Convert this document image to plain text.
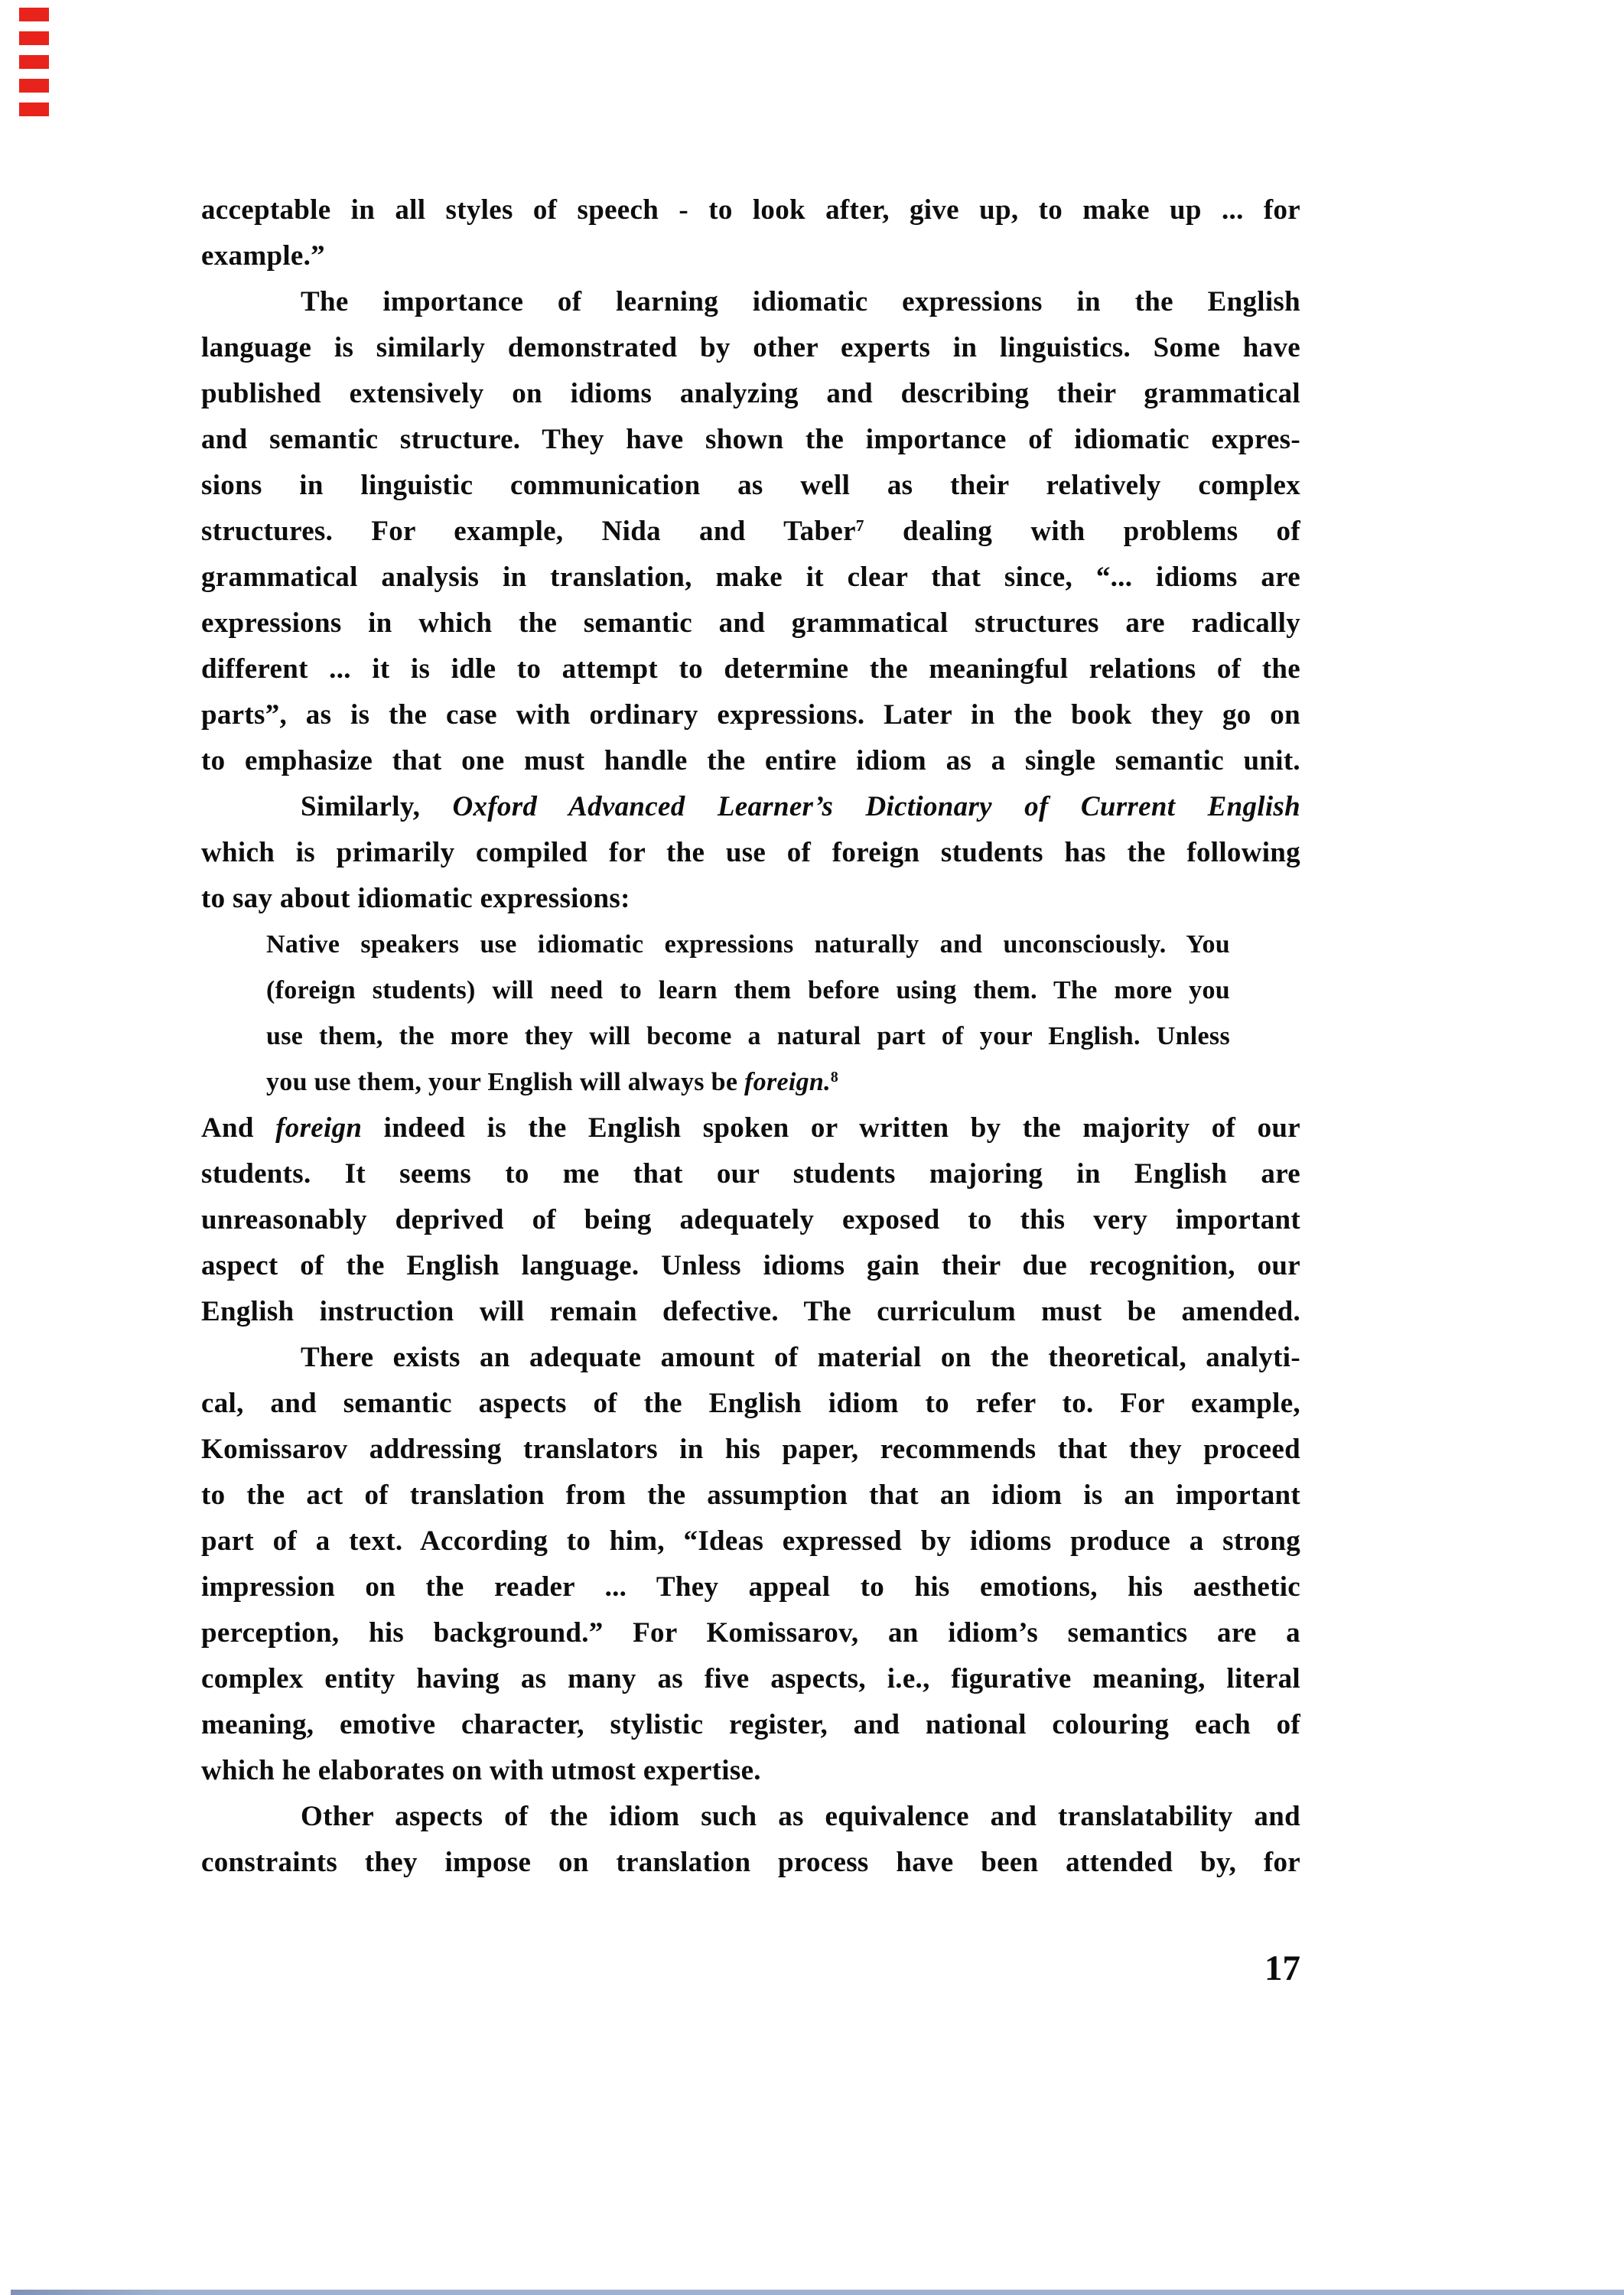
acceptable in all styles of speech - to look after, give up, to make up ... for
example.”
The importance of learning idiomatic expressions in the English
language is similarly demonstrated by other experts in linguistics. Some have
published extensively on idioms analyzing and describing their grammatical
and semantic structure. They have shown the importance of idiomatic expres-
sions in linguistic communication as well as their relatively complex
structures. For example, Nida and Taber$^7$ dealing with problems of
grammatical analysis in translation, make it clear that since, “... idioms are
expressions in which the semantic and grammatical structures are radically
different ... it is idle to attempt to determine the meaningful relations of the
parts”, as is the case with ordinary expressions. Later in the book they go on
to emphasize that one must handle the entire idiom as a single semantic unit.
Similarly, Oxford Advanced Learner’s Dictionary of Current English
which is primarily compiled for the use of foreign students has the following
to say about idiomatic expressions:
Native speakers use idiomatic expressions naturally and unconsciously. You
(foreign students) will need to learn them before using them. The more you
use them, the more they will become a natural part of your English. Unless
you use them, your English will always be foreign.$^8$
And foreign indeed is the English spoken or written by the majority of our
students. It seems to me that our students majoring in English are
unreasonably deprived of being adequately exposed to this very important
aspect of the English language. Unless idioms gain their due recognition, our
English instruction will remain defective. The curriculum must be amended.
There exists an adequate amount of material on the theoretical, analyti-
cal, and semantic aspects of the English idiom to refer to. For example,
Komissarov addressing translators in his paper, recommends that they proceed
to the act of translation from the assumption that an idiom is an important
part of a text. According to him, “Ideas expressed by idioms produce a strong
impression on the reader ... They appeal to his emotions, his aesthetic
perception, his background.” For Komissarov, an idiom’s semantics are a
complex entity having as many as five aspects, i.e., figurative meaning, literal
meaning, emotive character, stylistic register, and national colouring each of
which he elaborates on with utmost expertise.
Other aspects of the idiom such as equivalence and translatability and
constraints they impose on translation process have been attended by, for
17
